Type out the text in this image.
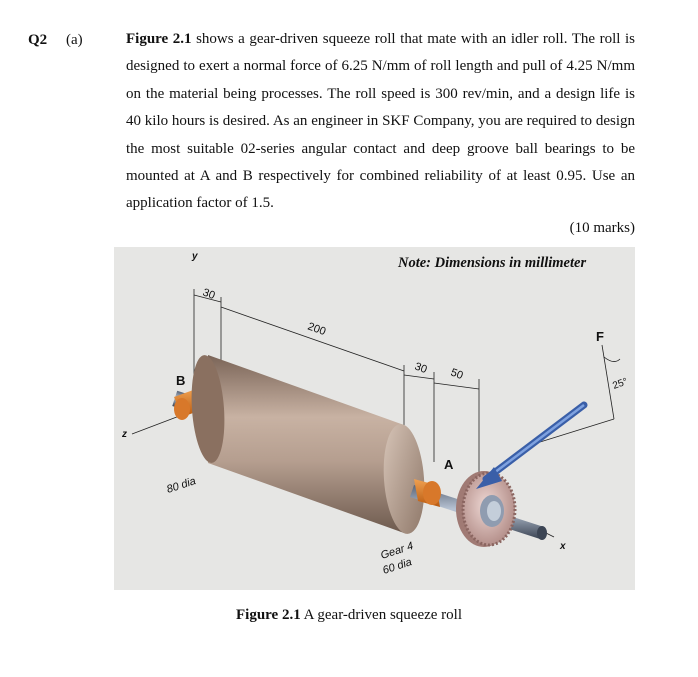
Q2 (a)	Figure 2.1 shows a gear-driven squeeze roll that mate with an idler roll. The roll is designed to exert a normal force of 6.25 N/mm of roll length and pull of 4.25 N/mm on the material being processes. The roll speed is 300 rev/min, and a design life is 40 kilo hours is desired. As an engineer in SKF Company, you are required to design the most suitable 02-series angular contact and deep groove ball bearings to be mounted at A and B respectively for combined reliability of at least 0.95. Use an application factor of 1.5.

(10 marks)
y
z
x
30
200
30 50
B
A
F
25°
80 dia
Gear 4
60 dia
Note: Dimensions in millimeter
Figure 2.1 A gear-driven squeeze roll
